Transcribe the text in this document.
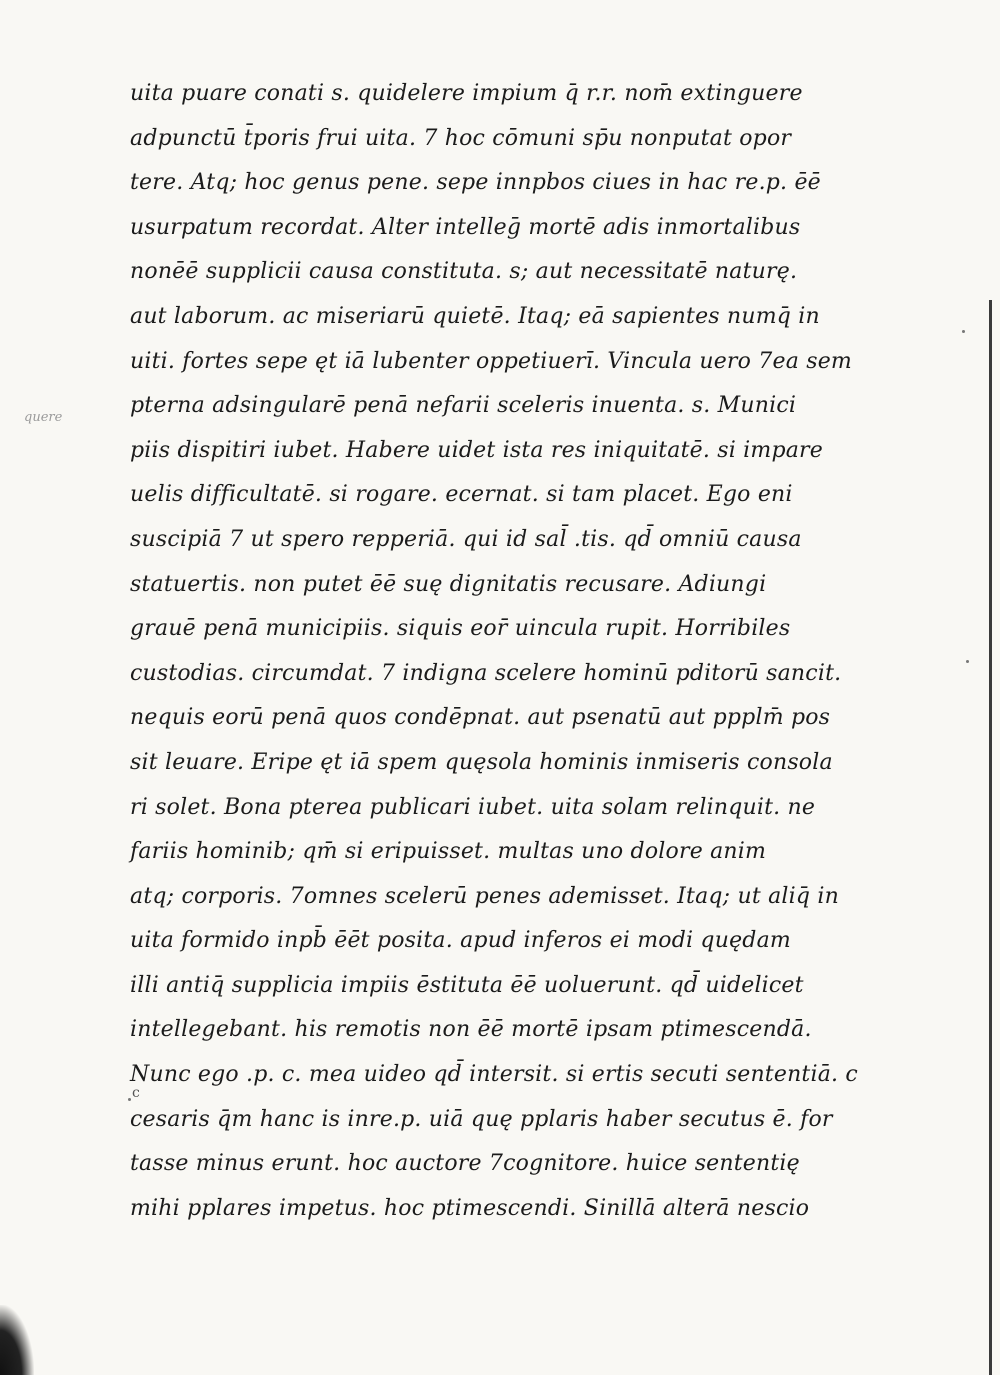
quere
c
uita puare conati s. quidelere impium q̄ r.r. nom̄ extinguere
adpunctū t̄poris frui uita. 7 hoc cōmuni sp̄u nonputat opor
tere. Atq; hoc genus pene. sepe innpbos ciues in hac re.p. ēē
usurpatum recordat. Alter intelleḡ mortē adis inmortalibus
nonēē supplicii causa constituta. s; aut necessitatē naturę.
aut laborum. ac miseriarū quietē. Itaq; eā sapientes numq̄ in
uiti. fortes sepe ęt iā lubenter oppetiuerī. Vincula uero 7ea sem
pterna adsingularē penā nefarii sceleris inuenta. s. Munici
piis dispitiri iubet. Habere uidet ista res iniquitatē. si impare
uelis difficultatē. si rogare. ecernat. si tam placet. Ego eni
suscipiā 7 ut spero repperiā. qui id sal̄ .tis. qd̄ omniū causa
statuertis. non putet ēē suę dignitatis recusare. Adiungi
grauē penā municipiis. siquis eor̄ uincula rupit. Horribiles
custodias. circumdat. 7 indigna scelere hominū pditorū sancit.
nequis eorū penā quos condēpnat. aut psenatū aut ppplm̄ pos
sit leuare. Eripe ęt iā spem quęsola hominis inmiseris consola
ri solet. Bona pterea publicari iubet. uita solam relinquit. ne
fariis hominib; qm̄ si eripuisset. multas uno dolore anim
atq; corporis. 7omnes scelerū penes ademisset. Itaq; ut aliq̄ in
uita formido inpb̄ ēēt posita. apud inferos ei modi quędam
illi antiq̄ supplicia impiis ēstituta ēē uoluerunt. qd̄ uidelicet
intellegebant. his remotis non ēē mortē ipsam ptimescendā.
Nunc ego .p. c. mea uideo qd̄ intersit. si ertis secuti sententiā. c
cesaris q̄m hanc is inre.p. uiā quę pplaris haber secutus ē. for
tasse minus erunt. hoc auctore 7cognitore. huice sententię
mihi pplares impetus. hoc ptimescendi. Sinillā alterā nescio
